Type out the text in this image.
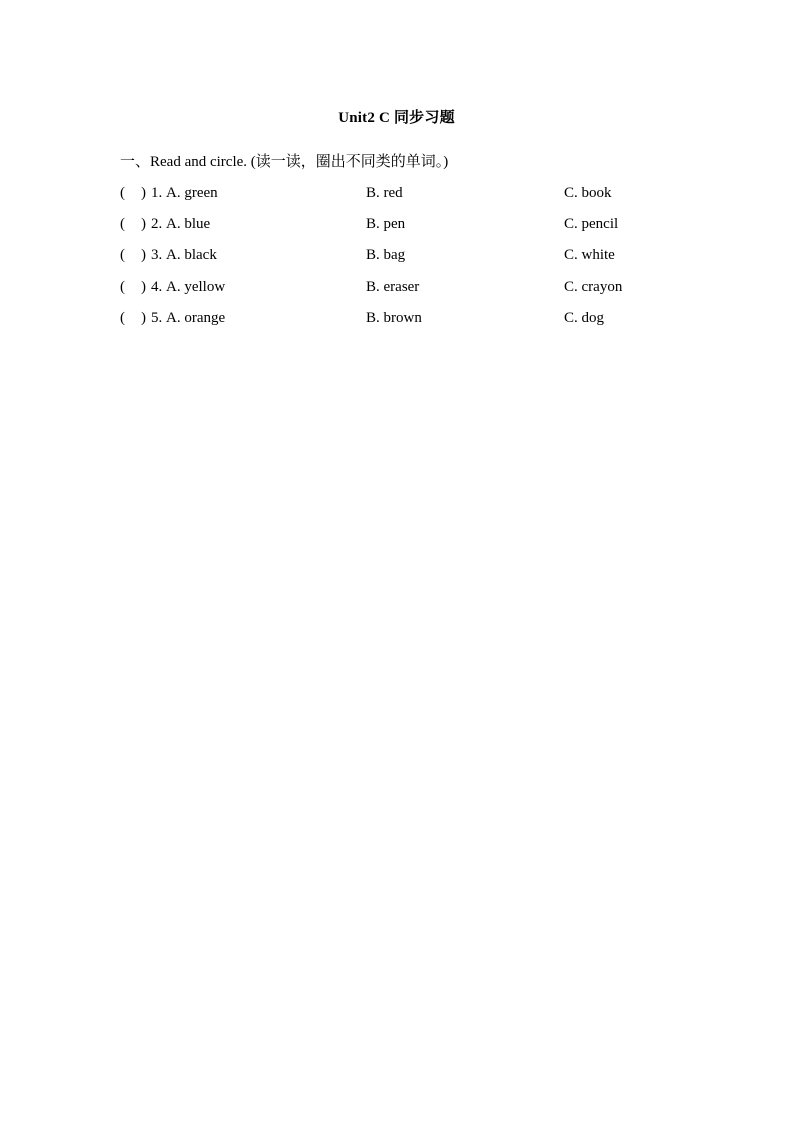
Unit2 C 同步习题
一、Read and circle. (读一读，圈出不同类的单词。)
( ) 1. A. green	B. red	C. book
( ) 2. A. blue	B. pen	C. pencil
( ) 3. A. black	B. bag	C. white
( ) 4. A. yellow	B. eraser	C. crayon
( ) 5. A. orange	B. brown	C. dog
